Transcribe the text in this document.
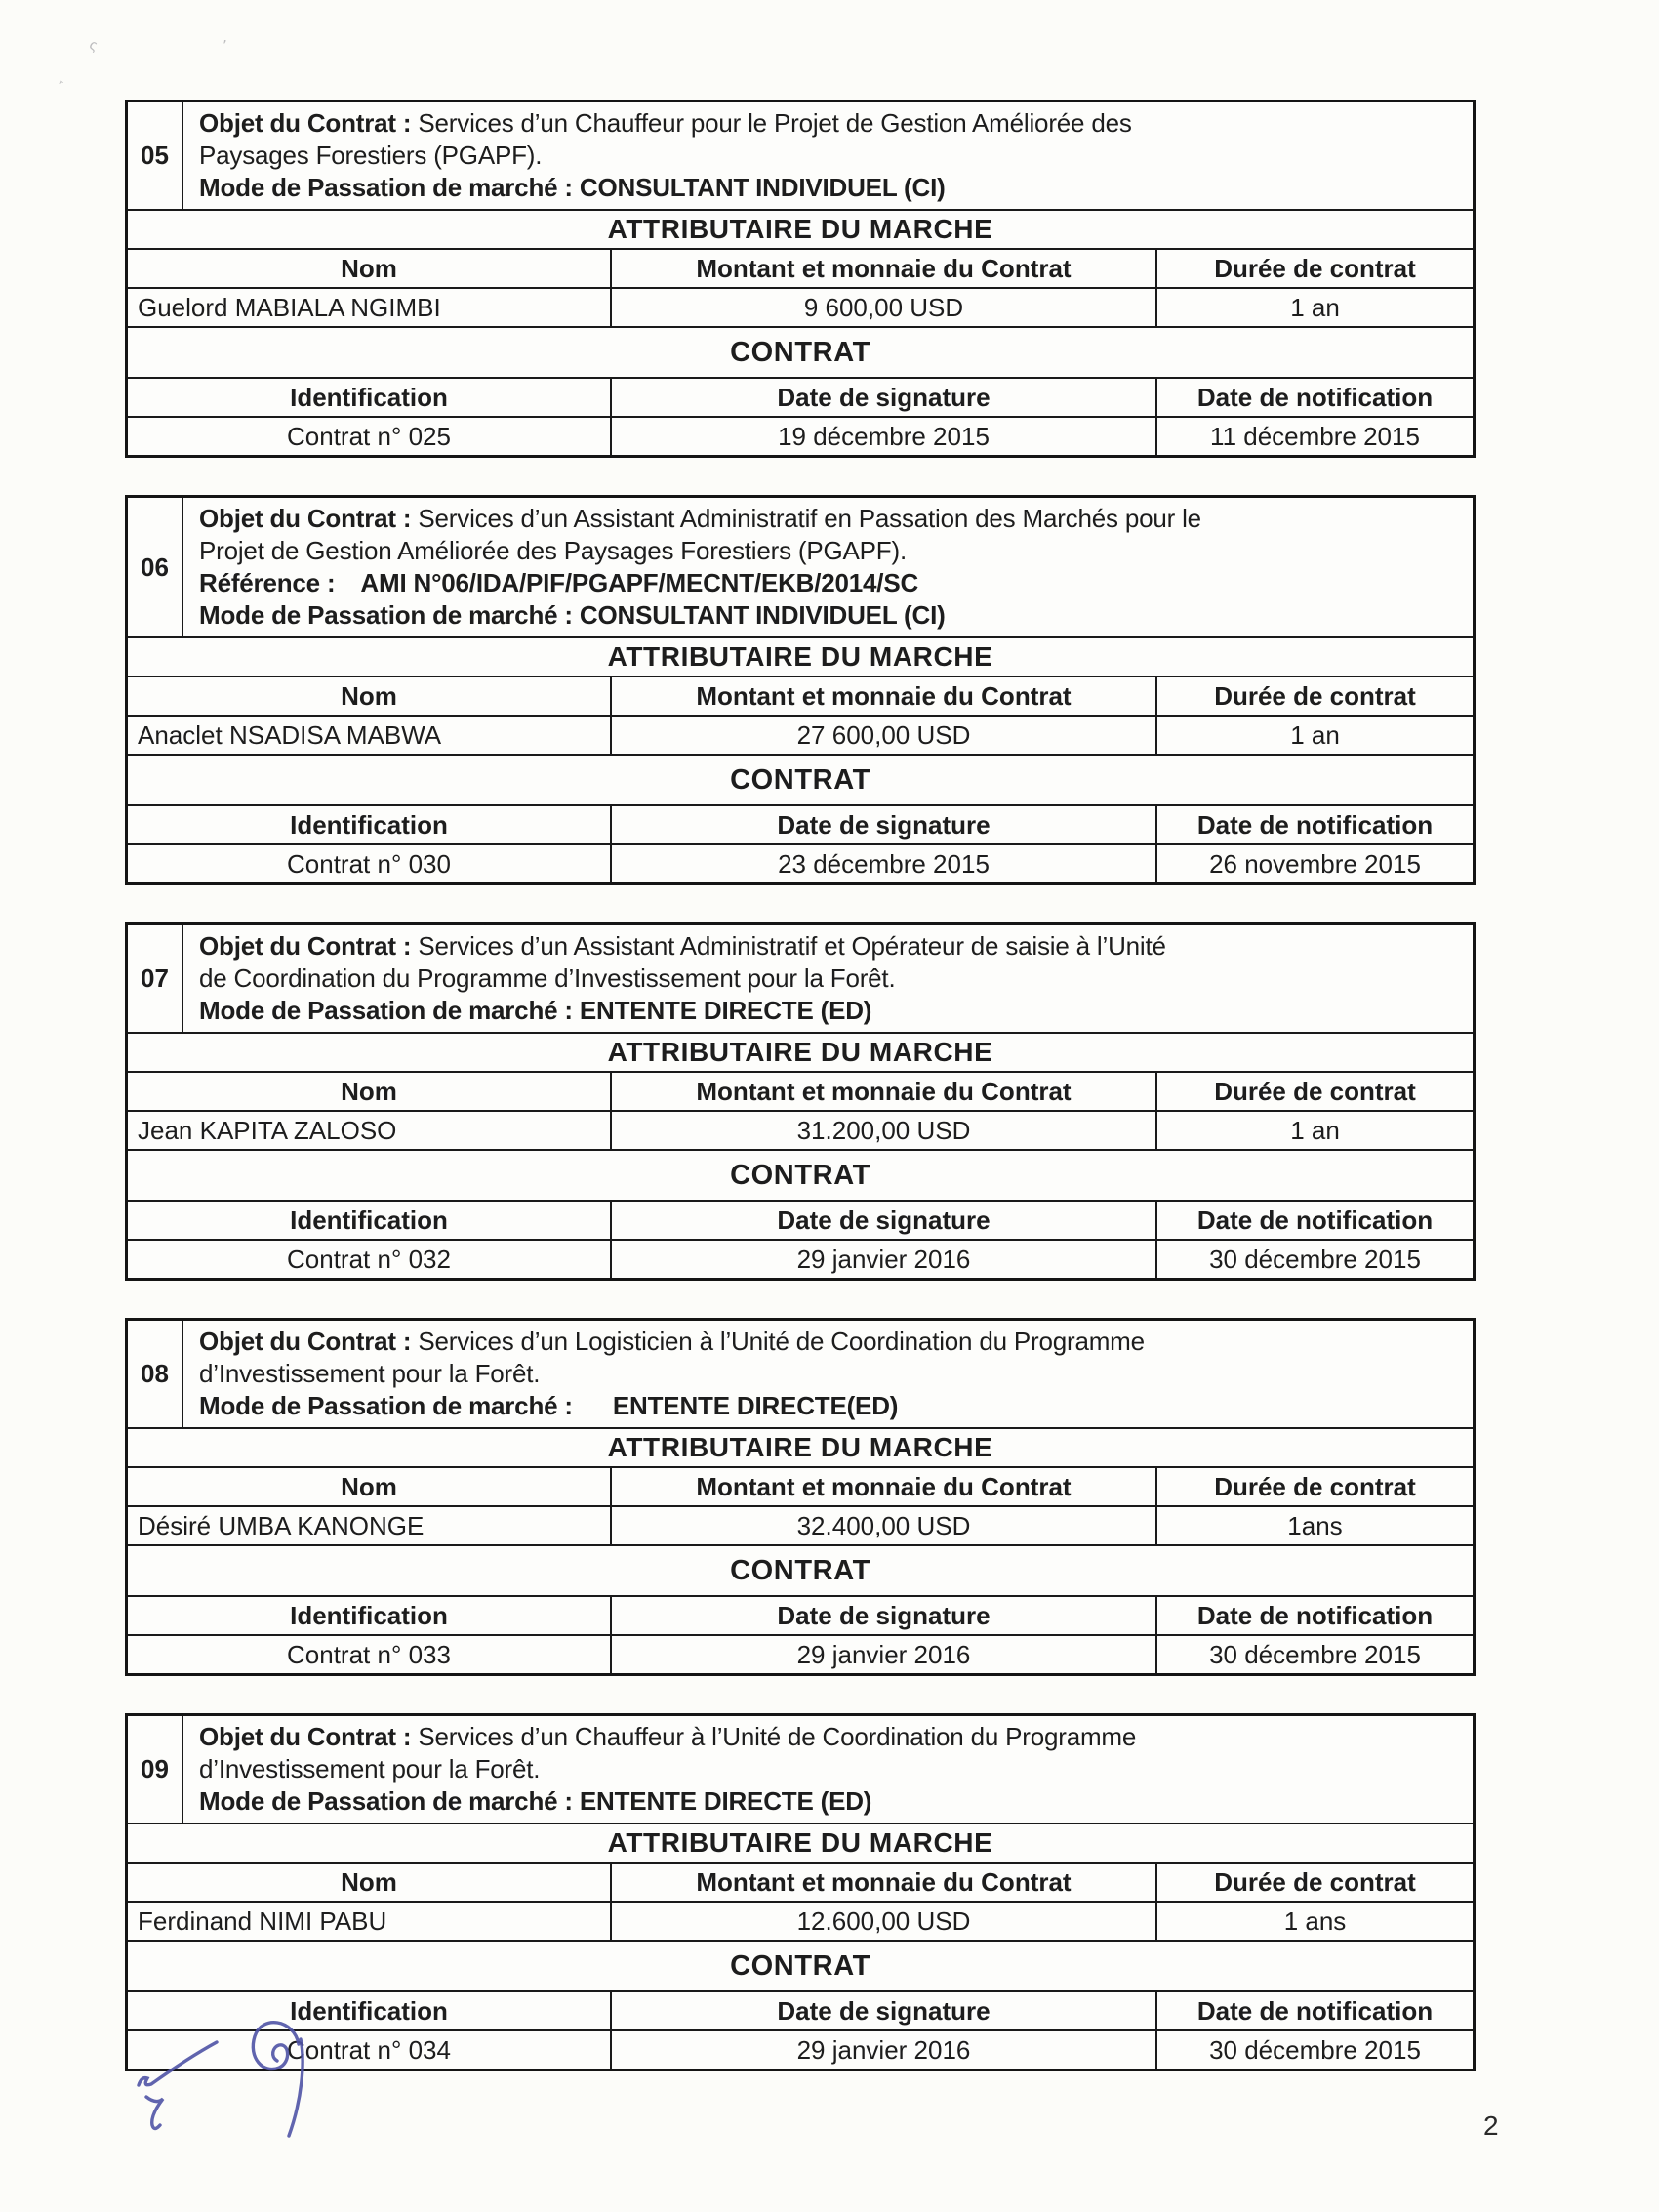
ς	٬
‸
05
Objet du Contrat : Services d’un Chauffeur pour le Projet de Gestion Améliorée des
Paysages Forestiers (PGAPF).
Mode de Passation de marché : CONSULTANT INDIVIDUEL (CI)
ATTRIBUTAIRE DU MARCHE
Nom	Montant et monnaie du Contrat	Durée de contrat
Guelord MABIALA NGIMBI	9 600,00 USD	1 an
CONTRAT
Identification	Date de signature	Date de notification
Contrat n° 025	19 décembre 2015	11 décembre 2015
06
Objet du Contrat : Services d’un Assistant Administratif en Passation des Marchés pour le
Projet de Gestion Améliorée des Paysages Forestiers (PGAPF).
Référence : AMI N°06/IDA/PIF/PGAPF/MECNT/EKB/2014/SC
Mode de Passation de marché : CONSULTANT INDIVIDUEL (CI)
ATTRIBUTAIRE DU MARCHE
Nom	Montant et monnaie du Contrat	Durée de contrat
Anaclet NSADISA MABWA	27 600,00 USD	1 an
CONTRAT
Identification	Date de signature	Date de notification
Contrat n° 030	23 décembre 2015	26 novembre 2015
07
Objet du Contrat : Services d’un Assistant Administratif et Opérateur de saisie à l’Unité
de Coordination du Programme d’Investissement pour la Forêt.
Mode de Passation de marché : ENTENTE DIRECTE (ED)
ATTRIBUTAIRE DU MARCHE
Nom	Montant et monnaie du Contrat	Durée de contrat
Jean KAPITA ZALOSO	31.200,00 USD	1 an
CONTRAT
Identification	Date de signature	Date de notification
Contrat n° 032	29 janvier 2016	30 décembre 2015
08
Objet du Contrat : Services d’un Logisticien à l’Unité de Coordination du Programme
d’Investissement pour la Forêt.
Mode de Passation de marché : ENTENTE DIRECTE(ED)
ATTRIBUTAIRE DU MARCHE
Nom	Montant et monnaie du Contrat	Durée de contrat
Désiré UMBA KANONGE	32.400,00 USD	1ans
CONTRAT
Identification	Date de signature	Date de notification
Contrat n° 033	29 janvier 2016	30 décembre 2015
09
Objet du Contrat : Services d’un Chauffeur à l’Unité de Coordination du Programme
d’Investissement pour la Forêt.
Mode de Passation de marché : ENTENTE DIRECTE (ED)
ATTRIBUTAIRE DU MARCHE
Nom	Montant et monnaie du Contrat	Durée de contrat
Ferdinand NIMI PABU	12.600,00 USD	1 ans
CONTRAT
Identification	Date de signature	Date de notification
Contrat n° 034	29 janvier 2016	30 décembre 2015
2
